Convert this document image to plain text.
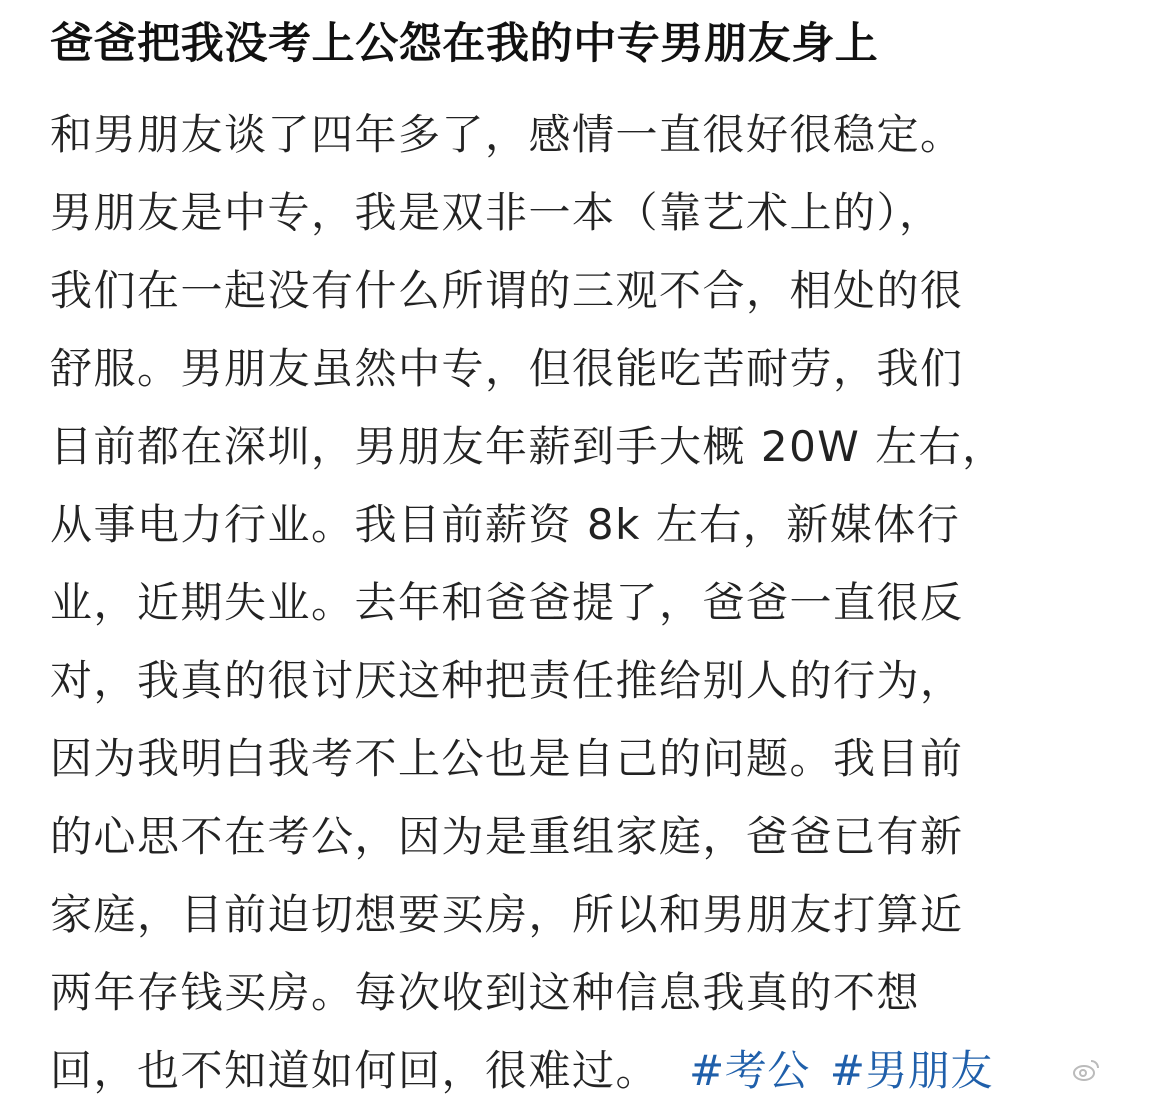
爸爸把我没考上公怨在我的中专男朋友身上
和男朋友谈了四年多了，感情一直很好很稳定。
男朋友是中专，我是双非一本（靠艺术上的），
我们在一起没有什么所谓的三观不合，相处的很
舒服。男朋友虽然中专，但很能吃苦耐劳，我们
目前都在深圳，男朋友年薪到手大概 20W 左右，
从事电力行业。我目前薪资 8k 左右，新媒体行
业，近期失业。去年和爸爸提了，爸爸一直很反
对，我真的很讨厌这种把责任推给别人的行为，
因为我明白我考不上公也是自己的问题。我目前
的心思不在考公，因为是重组家庭，爸爸已有新
家庭，目前迫切想要买房，所以和男朋友打算近
两年存钱买房。每次收到这种信息我真的不想
回，也不知道如何回，很难过。 #考公 #男朋友
